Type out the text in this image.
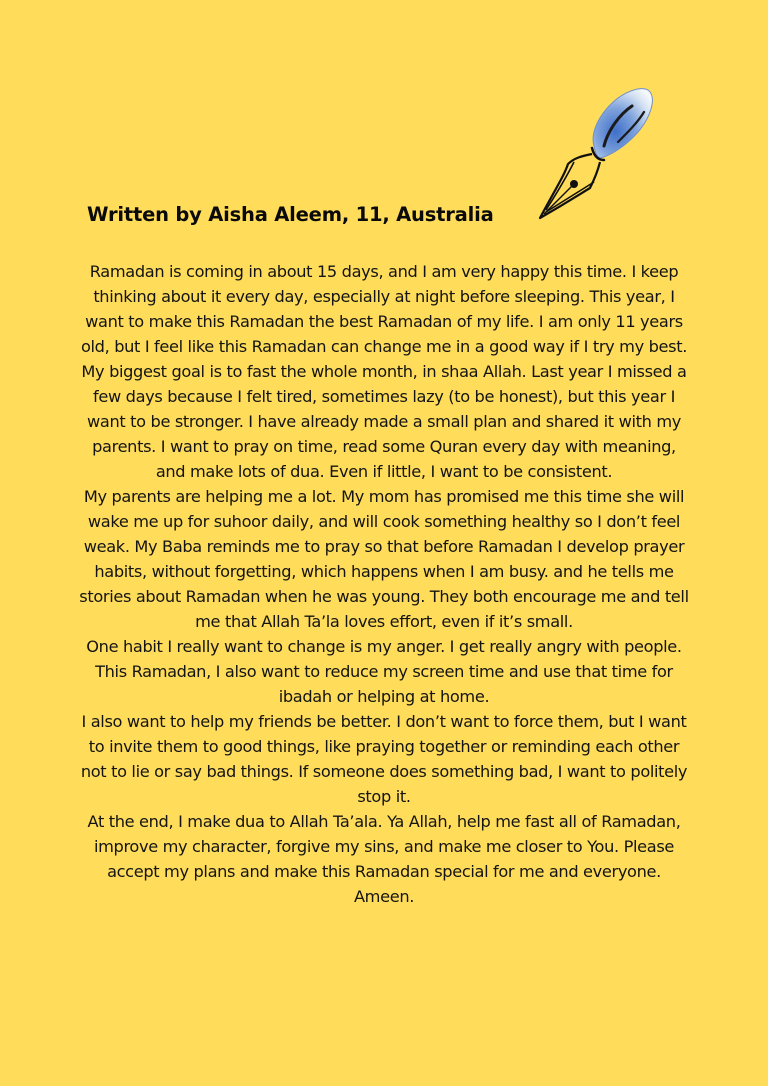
Written by Aisha Aleem, 11, Australia

Ramadan is coming in about 15 days, and I am very happy this time. I keep thinking about it every day, especially at night before sleeping. This year, I want to make this Ramadan the best Ramadan of my life. I am only 11 years old, but I feel like this Ramadan can change me in a good way if I try my best.

My biggest goal is to fast the whole month, in shaa Allah. Last year I missed a few days because I felt tired, sometimes lazy (to be honest), but this year I want to be stronger. I have already made a small plan and shared it with my parents. I want to pray on time, read some Quran every day with meaning, and make lots of dua. Even if little, I want to be consistent.

My parents are helping me a lot. My mom has promised me this time she will wake me up for suhoor daily, and will cook something healthy so I don’t feel weak. My Baba reminds me to pray so that before Ramadan I develop prayer habits, without forgetting, which happens when I am busy. and he tells me stories about Ramadan when he was young. They both encourage me and tell me that Allah Ta’la loves effort, even if it’s small.

One habit I really want to change is my anger. I get really angry with people. This Ramadan, I also want to reduce my screen time and use that time for ibadah or helping at home.

I also want to help my friends be better. I don’t want to force them, but I want to invite them to good things, like praying together or reminding each other not to lie or say bad things. If someone does something bad, I want to politely stop it.

At the end, I make dua to Allah Ta’ala. Ya Allah, help me fast all of Ramadan, improve my character, forgive my sins, and make me closer to You. Please accept my plans and make this Ramadan special for me and everyone. Ameen.
